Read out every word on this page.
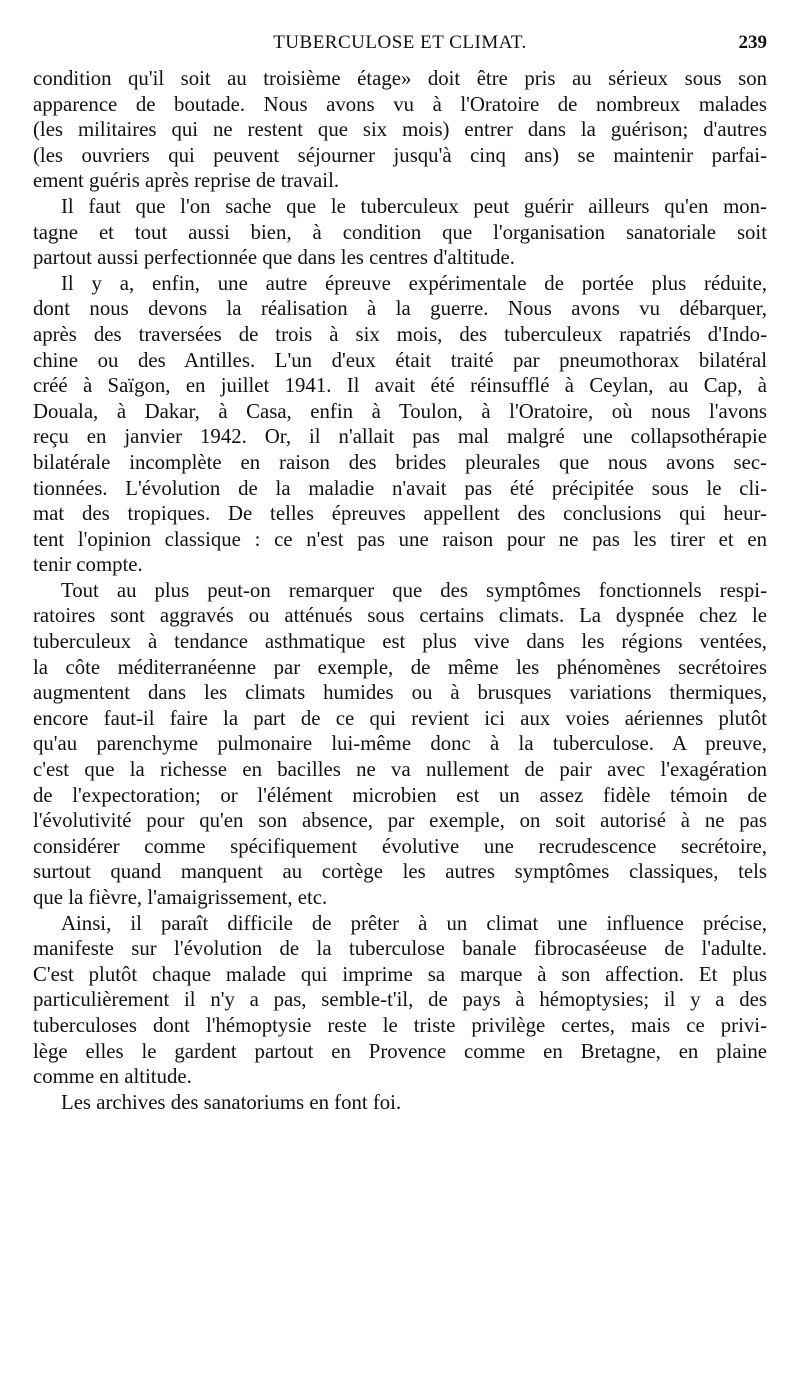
TUBERCULOSE ET CLIMAT.	239
condition qu'il soit au troisième étage» doit être pris au sérieux sous son
apparence de boutade. Nous avons vu à l'Oratoire de nombreux malades
(les militaires qui ne restent que six mois) entrer dans la guérison; d'autres
(les ouvriers qui peuvent séjourner jusqu'à cinq ans) se maintenir parfai-
ement guéris après reprise de travail.
Il faut que l'on sache que le tuberculeux peut guérir ailleurs qu'en mon-
tagne et tout aussi bien, à condition que l'organisation sanatoriale soit
partout aussi perfectionnée que dans les centres d'altitude.
Il y a, enfin, une autre épreuve expérimentale de portée plus réduite,
dont nous devons la réalisation à la guerre. Nous avons vu débarquer,
après des traversées de trois à six mois, des tuberculeux rapatriés d'Indo-
chine ou des Antilles. L'un d'eux était traité par pneumothorax bilatéral
créé à Saïgon, en juillet 1941. Il avait été réinsufflé à Ceylan, au Cap, à
Douala, à Dakar, à Casa, enfin à Toulon, à l'Oratoire, où nous l'avons
reçu en janvier 1942. Or, il n'allait pas mal malgré une collapsothérapie
bilatérale incomplète en raison des brides pleurales que nous avons sec-
tionnées. L'évolution de la maladie n'avait pas été précipitée sous le cli-
mat des tropiques. De telles épreuves appellent des conclusions qui heur-
tent l'opinion classique : ce n'est pas une raison pour ne pas les tirer et en
tenir compte.
Tout au plus peut-on remarquer que des symptômes fonctionnels respi-
ratoires sont aggravés ou atténués sous certains climats. La dyspnée chez le
tuberculeux à tendance asthmatique est plus vive dans les régions ventées,
la côte méditerranéenne par exemple, de même les phénomènes secrétoires
augmentent dans les climats humides ou à brusques variations thermiques,
encore faut-il faire la part de ce qui revient ici aux voies aériennes plutôt
qu'au parenchyme pulmonaire lui-même donc à la tuberculose. A preuve,
c'est que la richesse en bacilles ne va nullement de pair avec l'exagération
de l'expectoration; or l'élément microbien est un assez fidèle témoin de
l'évolutivité pour qu'en son absence, par exemple, on soit autorisé à ne pas
considérer comme spécifiquement évolutive une recrudescence secrétoire,
surtout quand manquent au cortège les autres symptômes classiques, tels
que la fièvre, l'amaigrissement, etc.
Ainsi, il paraît difficile de prêter à un climat une influence précise,
manifeste sur l'évolution de la tuberculose banale fibrocaséeuse de l'adulte.
C'est plutôt chaque malade qui imprime sa marque à son affection. Et plus
particulièrement il n'y a pas, semble-t'il, de pays à hémoptysies; il y a des
tuberculoses dont l'hémoptysie reste le triste privilège certes, mais ce privi-
lège elles le gardent partout en Provence comme en Bretagne, en plaine
comme en altitude.
Les archives des sanatoriums en font foi.
